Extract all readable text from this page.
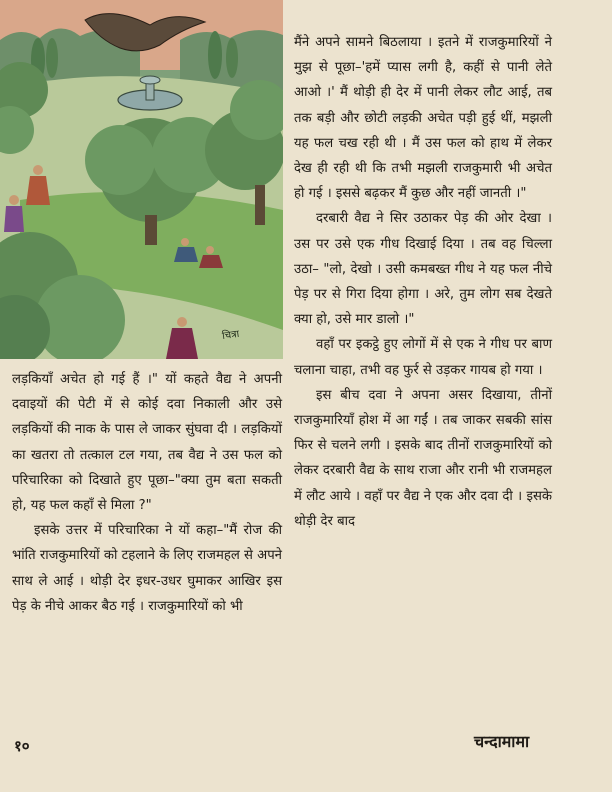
चित्रा

मैंने अपने सामने बिठलाया । इतने में राजकुमारियों ने मुझ से पूछा–'हमें प्यास लगी है, कहीं से पानी लेते आओ ।' मैं थोड़ी ही देर में पानी लेकर लौट आई, तब तक बड़ी और छोटी लड़की अचेत पड़ी हुई थीं, मझली यह फल चख रही थी । मैं उस फल को हाथ में लेकर देख ही रही थी कि तभी मझली राजकुमारी भी अचेत हो गई । इससे बढ़कर मैं कुछ और नहीं जानती ।"

दरबारी वैद्य ने सिर उठाकर पेड़ की ओर देखा । उस पर उसे एक गीध दिखाई दिया । तब वह चिल्ला उठा– "लो, देखो । उसी कमबख्त गीध ने यह फल नीचे पेड़ पर से गिरा दिया होगा । अरे, तुम लोग सब देखते क्या हो, उसे मार डालो ।"

वहाँ पर इकट्ठे हुए लोगों में से एक ने गीध पर बाण चलाना चाहा, तभी वह फुर्र से उड़कर गायब हो गया ।

इस बीच दवा ने अपना असर दिखाया, तीनों राजकुमारियाँ होश में आ गईं । तब जाकर सबकी सांस फिर से चलने लगी । इसके बाद तीनों राजकुमारियों को लेकर दरबारी वैद्य के साथ राजा और रानी भी राजमहल में लौट आये । वहाँ पर वैद्य ने एक और दवा दी । इसके थोड़ी देर बाद

लड़कियाँ अचेत हो गई हैं ।" यों कहते वैद्य ने अपनी दवाइयों की पेटी में से कोई दवा निकाली और उसे लड़कियों की नाक के पास ले जाकर सुंघवा दी । लड़कियों का खतरा तो तत्काल टल गया, तब वैद्य ने उस फल को परिचारिका को दिखाते हुए पूछा–"क्या तुम बता सकती हो, यह फल कहाँ से मिला ?"

इसके उत्तर में परिचारिका ने यों कहा–"मैं रोज की भांति राजकुमारियों को टहलाने के लिए राजमहल से अपने साथ ले आई । थोड़ी देर इधर-उधर घुमाकर आखिर इस पेड़ के नीचे आकर बैठ गई । राजकुमारियों को भी

१०	चन्दामामा
